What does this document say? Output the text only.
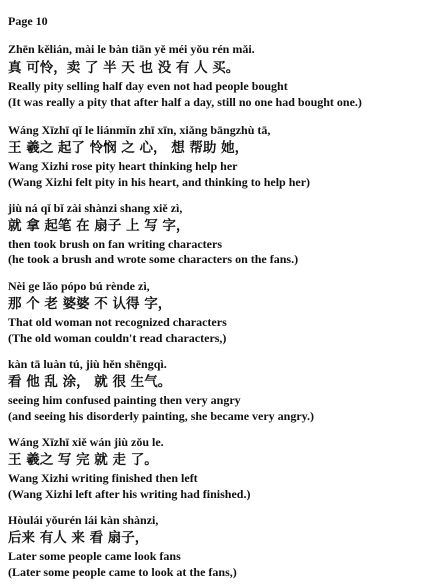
Page 10
Zhēn kělián, mài le bàn tiān yě méi yǒu rén mǎi.
真 可怜，卖 了 半 天 也 没 有 人 买。
Really pity selling half day even not had people bought
(It was really a pity that after half a day, still no one had bought one.)
Wáng Xīzhī qǐ le liánmǐn zhī xīn, xiǎng bāngzhù tā,
王 羲之 起了 怜悯 之 心， 想 帮助 她，
Wang Xizhi rose pity heart thinking help her
(Wang Xizhi felt pity in his heart, and thinking to help her)
jiù ná qǐ bǐ zài shànzi shang xiě zì,
就 拿 起笔 在 扇子 上 写 字，
then took brush on fan writing characters
(he took a brush and wrote some characters on the fans.)
Nèi ge lǎo pópo bú rènde zì,
那 个 老 婆婆 不 认得 字，
That old woman not recognized characters
(The old woman couldn't read characters,)
kàn tā luàn tú, jiù hěn shēngqì.
看 他 乱 涂， 就 很 生气。
seeing him confused painting then very angry
(and seeing his disorderly painting, she became very angry.)
Wáng Xīzhī xiě wán jiù zǒu le.
王 羲之 写 完 就 走 了。
Wang Xizhi writing finished then left
(Wang Xizhi left after his writing had finished.)
Hòulái yǒurén lái kàn shànzi,
后来 有人 来 看 扇子，
Later some people came look fans
(Later some people came to look at the fans,)
